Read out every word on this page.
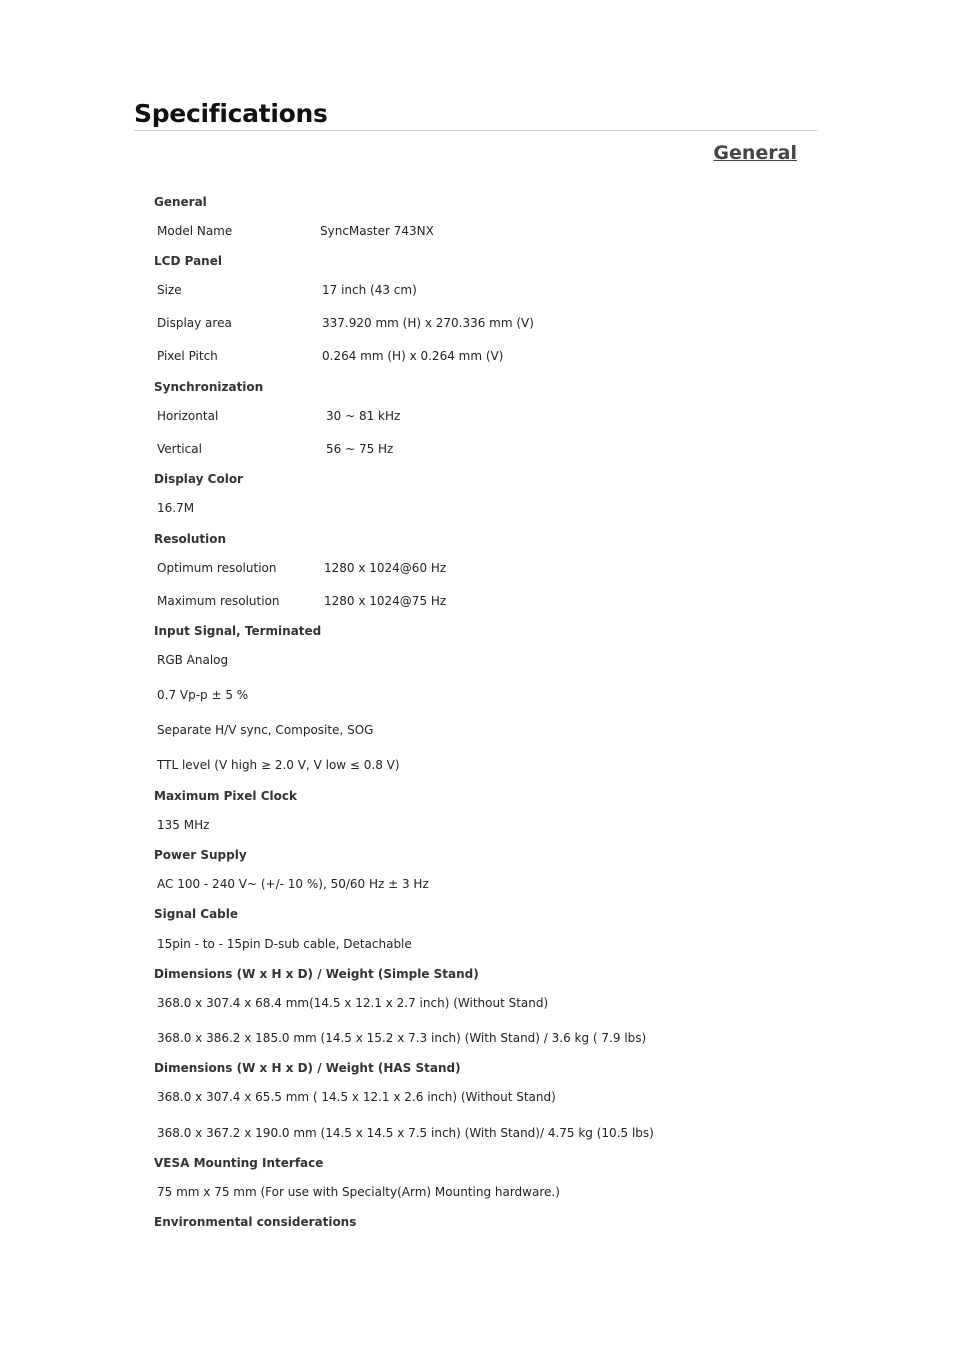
Specifications
General
General
Model Name	SyncMaster 743NX
LCD Panel
Size	17 inch (43 cm)
Display area	337.920 mm (H) x 270.336 mm (V)
Pixel Pitch	0.264 mm (H) x 0.264 mm (V)
Synchronization
Horizontal	30 ~ 81 kHz
Vertical	56 ~ 75 Hz
Display Color
16.7M
Resolution
Optimum resolution	1280 x 1024@60 Hz
Maximum resolution	1280 x 1024@75 Hz
Input Signal, Terminated
RGB Analog
0.7 Vp-p ± 5 %
Separate H/V sync, Composite, SOG
TTL level (V high ≥ 2.0 V, V low ≤ 0.8 V)
Maximum Pixel Clock
135 MHz
Power Supply
AC 100 - 240 V~ (+/- 10 %), 50/60 Hz ± 3 Hz
Signal Cable
15pin - to - 15pin D-sub cable, Detachable
Dimensions (W x H x D) / Weight (Simple Stand)
368.0 x 307.4 x 68.4 mm(14.5 x 12.1 x 2.7 inch) (Without Stand)
368.0 x 386.2 x 185.0 mm (14.5 x 15.2 x 7.3 inch) (With Stand) / 3.6 kg ( 7.9 lbs)
Dimensions (W x H x D) / Weight (HAS Stand)
368.0 x 307.4 x 65.5 mm ( 14.5 x 12.1 x 2.6 inch) (Without Stand)
368.0 x 367.2 x 190.0 mm (14.5 x 14.5 x 7.5 inch) (With Stand)/ 4.75 kg (10.5 lbs)
VESA Mounting Interface
75 mm x 75 mm (For use with Specialty(Arm) Mounting hardware.)
Environmental considerations
